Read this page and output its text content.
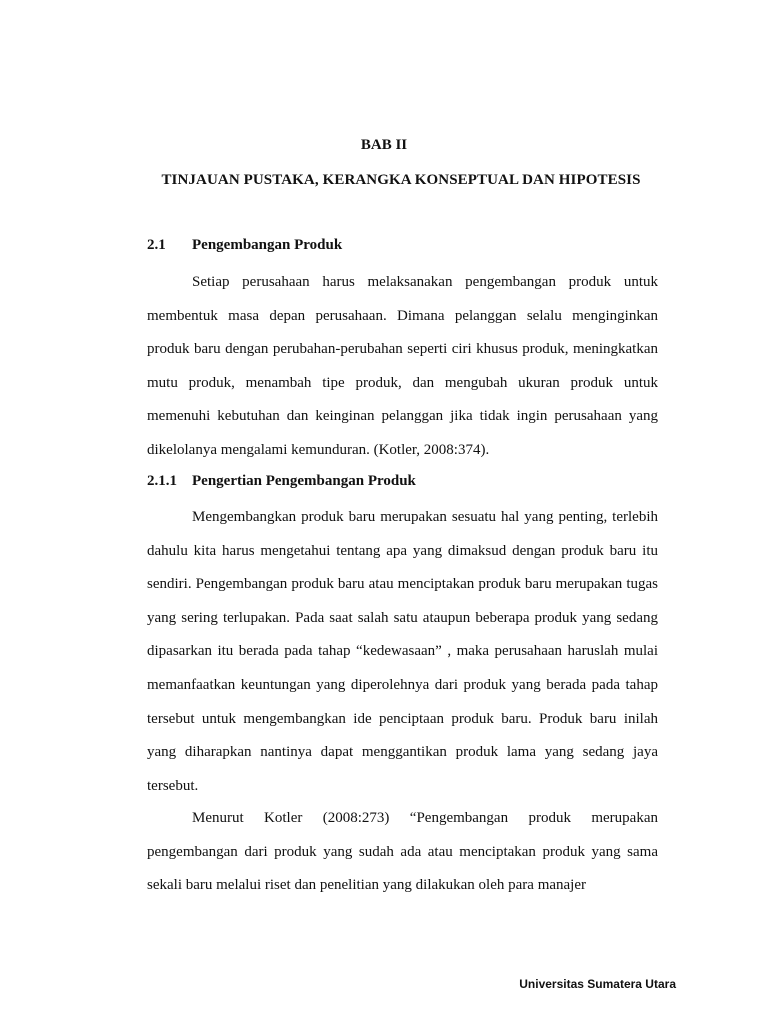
BAB II
TINJAUAN PUSTAKA, KERANGKA KONSEPTUAL DAN HIPOTESIS
2.1 Pengembangan Produk

Setiap perusahaan harus melaksanakan pengembangan produk untuk membentuk masa depan perusahaan. Dimana pelanggan selalu menginginkan produk baru dengan perubahan-perubahan seperti ciri khusus produk, meningkatkan mutu produk, menambah tipe produk, dan mengubah ukuran produk untuk memenuhi kebutuhan dan keinginan pelanggan jika tidak ingin perusahaan yang dikelolanya mengalami kemunduran. (Kotler, 2008:374).

2.1.1 Pengertian Pengembangan Produk

Mengembangkan produk baru merupakan sesuatu hal yang penting, terlebih dahulu kita harus mengetahui tentang apa yang dimaksud dengan produk baru itu sendiri. Pengembangan produk baru atau menciptakan produk baru merupakan tugas yang sering terlupakan. Pada saat salah satu ataupun beberapa produk yang sedang dipasarkan itu berada pada tahap “kedewasaan” , maka perusahaan haruslah mulai memanfaatkan keuntungan yang diperolehnya dari produk yang berada pada tahap tersebut untuk mengembangkan ide penciptaan produk baru. Produk baru inilah yang diharapkan nantinya dapat menggantikan produk lama yang sedang jaya tersebut.

Menurut Kotler (2008:273) “Pengembangan produk merupakan pengembangan dari produk yang sudah ada atau menciptakan produk yang sama sekali baru melalui riset dan penelitian yang dilakukan oleh para manajer

Universitas Sumatera Utara
